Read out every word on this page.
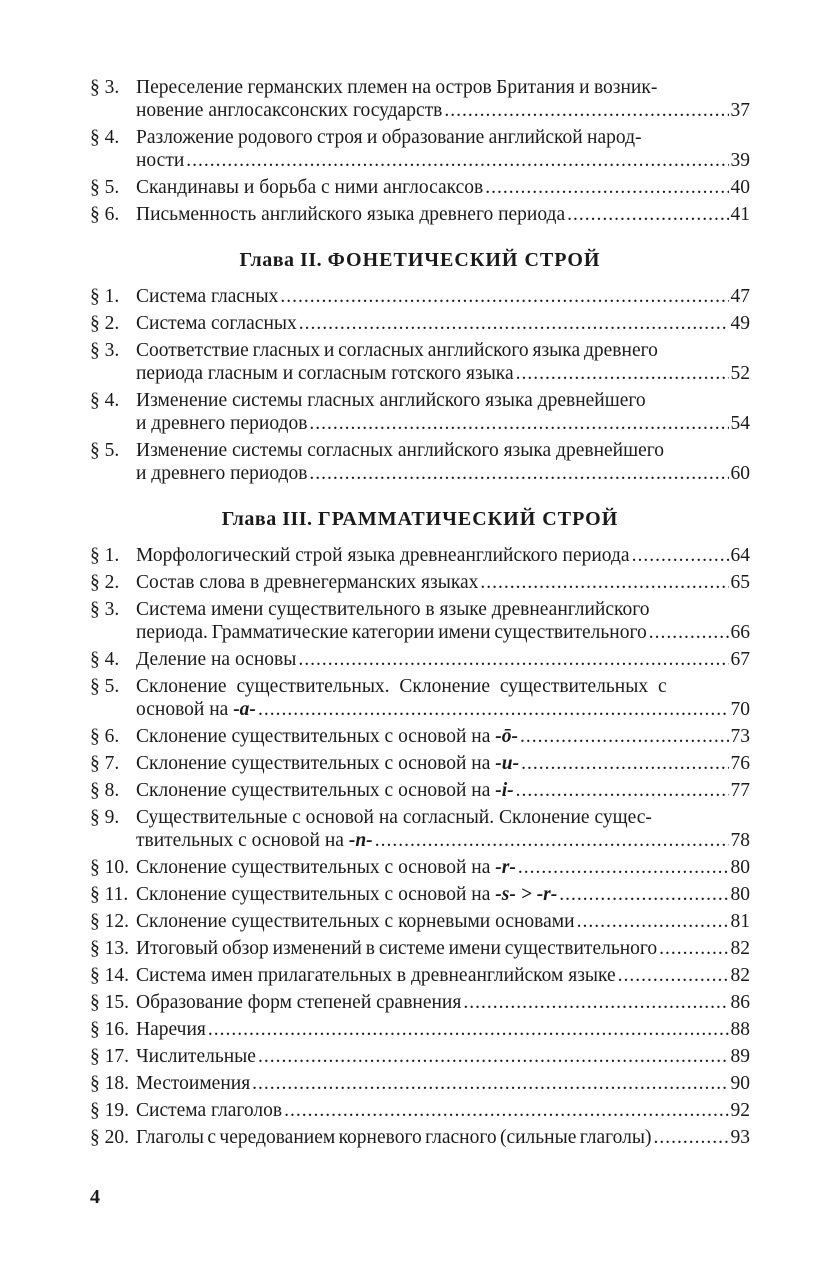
§ 3. Переселение германских племен на остров Британия и возник-
новение англосаксонских государств .....	37
§ 4. Разложение родового строя и образование английской народ-
ности .....	39
§ 5. Скандинавы и борьба с ними англосаксов .....	40
§ 6. Письменность английского языка древнего периода .....	41
Глава II. ФОНЕТИЧЕСКИЙ СТРОЙ
§ 1. Система гласных .....	47
§ 2. Система согласных .....	49
§ 3. Соответствие гласных и согласных английского языка древнего
периода гласным и согласным готского языка .....	52
§ 4. Изменение системы гласных английского языка древнейшего
и древнего периодов .....	54
§ 5. Изменение системы согласных английского языка древнейшего
и древнего периодов .....	60
Глава III. ГРАММАТИЧЕСКИЙ СТРОЙ
§ 1. Морфологический строй языка древнеанглийского периода .....	64
§ 2. Состав слова в древнегерманских языках .....	65
§ 3. Система имени существительного в языке древнеанглийского
периода. Грамматические категории имени существительного .....	66
§ 4. Деление на основы .....	67
§ 5. Склонение существительных. Склонение существительных с
основой на -a- .....	70
§ 6. Склонение существительных с основой на -ō- .....	73
§ 7. Склонение существительных с основой на -u- .....	76
§ 8. Склонение существительных с основой на -i- .....	77
§ 9. Существительные с основой на согласный. Склонение сущес-
твительных с основой на -n- .....	78
§ 10. Склонение существительных с основой на -r- .....	80
§ 11. Склонение существительных с основой на -s- > -r- .....	80
§ 12. Склонение существительных с корневыми основами .....	81
§ 13. Итоговый обзор изменений в системе имени существительного .....	82
§ 14. Система имен прилагательных в древнеанглийском языке .....	82
§ 15. Образование форм степеней сравнения .....	86
§ 16. Наречия .....	88
§ 17. Числительные .....	89
§ 18. Местоимения .....	90
§ 19. Система глаголов .....	92
§ 20. Глаголы с чередованием корневого гласного (сильные глаголы) .....	93
4
